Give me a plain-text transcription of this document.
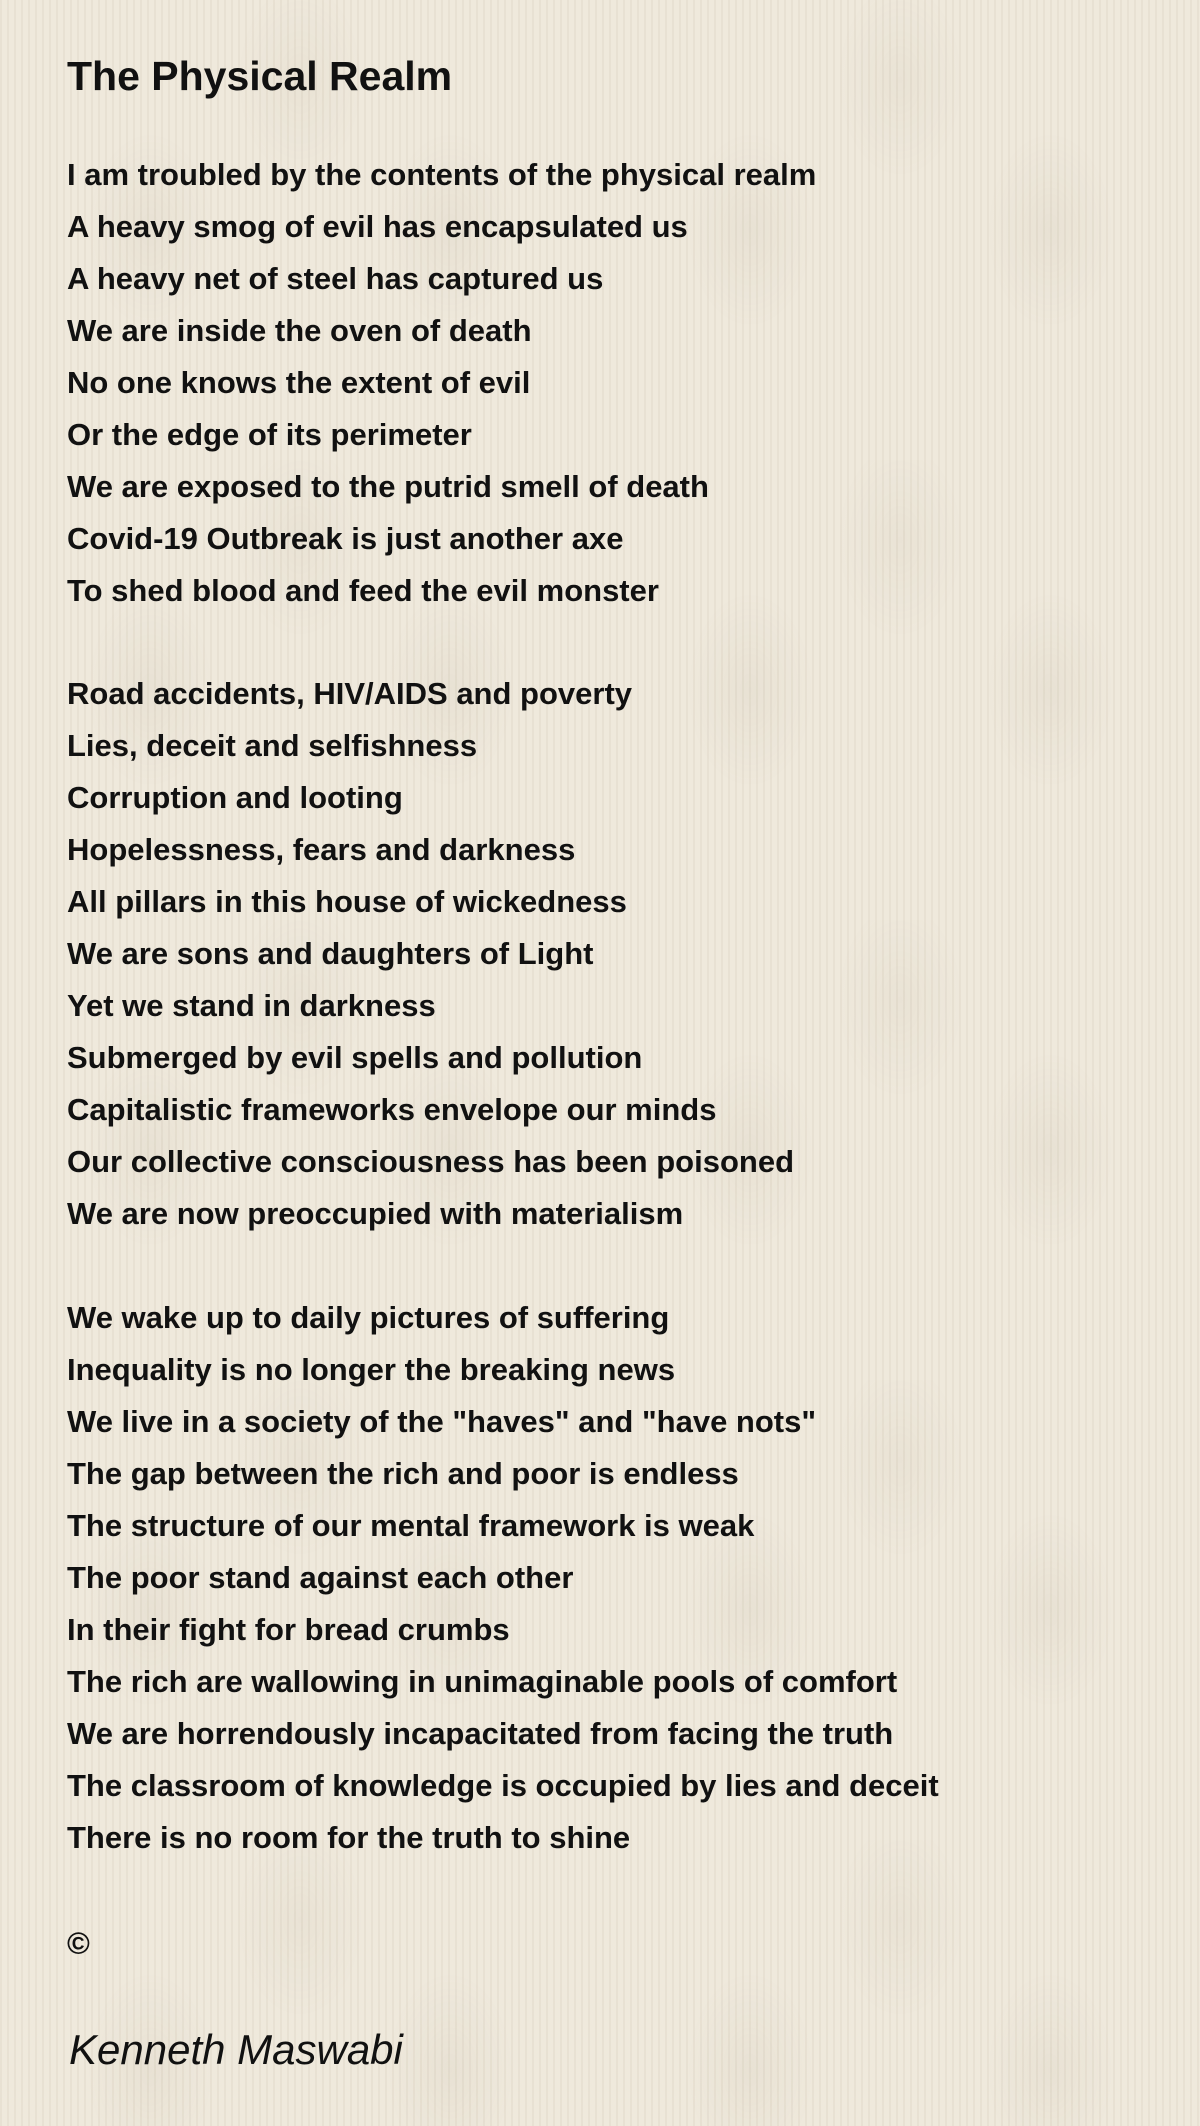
The Physical Realm
I am troubled by the contents of the physical realm
A heavy smog of evil has encapsulated us
A heavy net of steel has captured us
We are inside the oven of death
No one knows the extent of evil
Or the edge of its perimeter
We are exposed to the putrid smell of death
Covid-19 Outbreak is just another axe
To shed blood and feed the evil monster
Road accidents, HIV/AIDS and poverty
Lies, deceit and selfishness
Corruption and looting
Hopelessness, fears and darkness
All pillars in this house of wickedness
We are sons and daughters of Light
Yet we stand in darkness
Submerged by evil spells and pollution
Capitalistic frameworks envelope our minds
Our collective consciousness has been poisoned
We are now preoccupied with materialism
We wake up to daily pictures of suffering
Inequality is no longer the breaking news
We live in a society of the "haves" and "have nots"
The gap between the rich and poor is endless
The structure of our mental framework is weak
The poor stand against each other
In their fight for bread crumbs
The rich are wallowing in unimaginable pools of comfort
We are horrendously incapacitated from facing the truth
The classroom of knowledge is occupied by lies and deceit
There is no room for the truth to shine
©
Kenneth Maswabi
